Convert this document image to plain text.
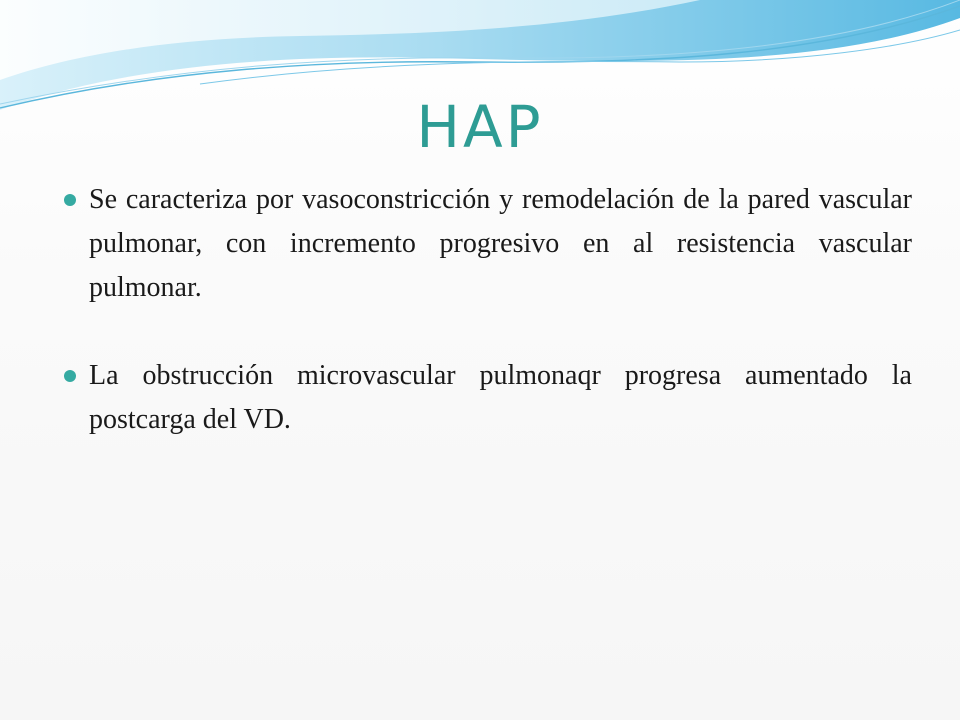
HAP
Se caracteriza por vasoconstricción y remodelación de la pared vascular pulmonar, con incremento progresivo en al resistencia vascular pulmonar.
La obstrucción microvascular pulmonaqr progresa aumentado la postcarga del VD.
